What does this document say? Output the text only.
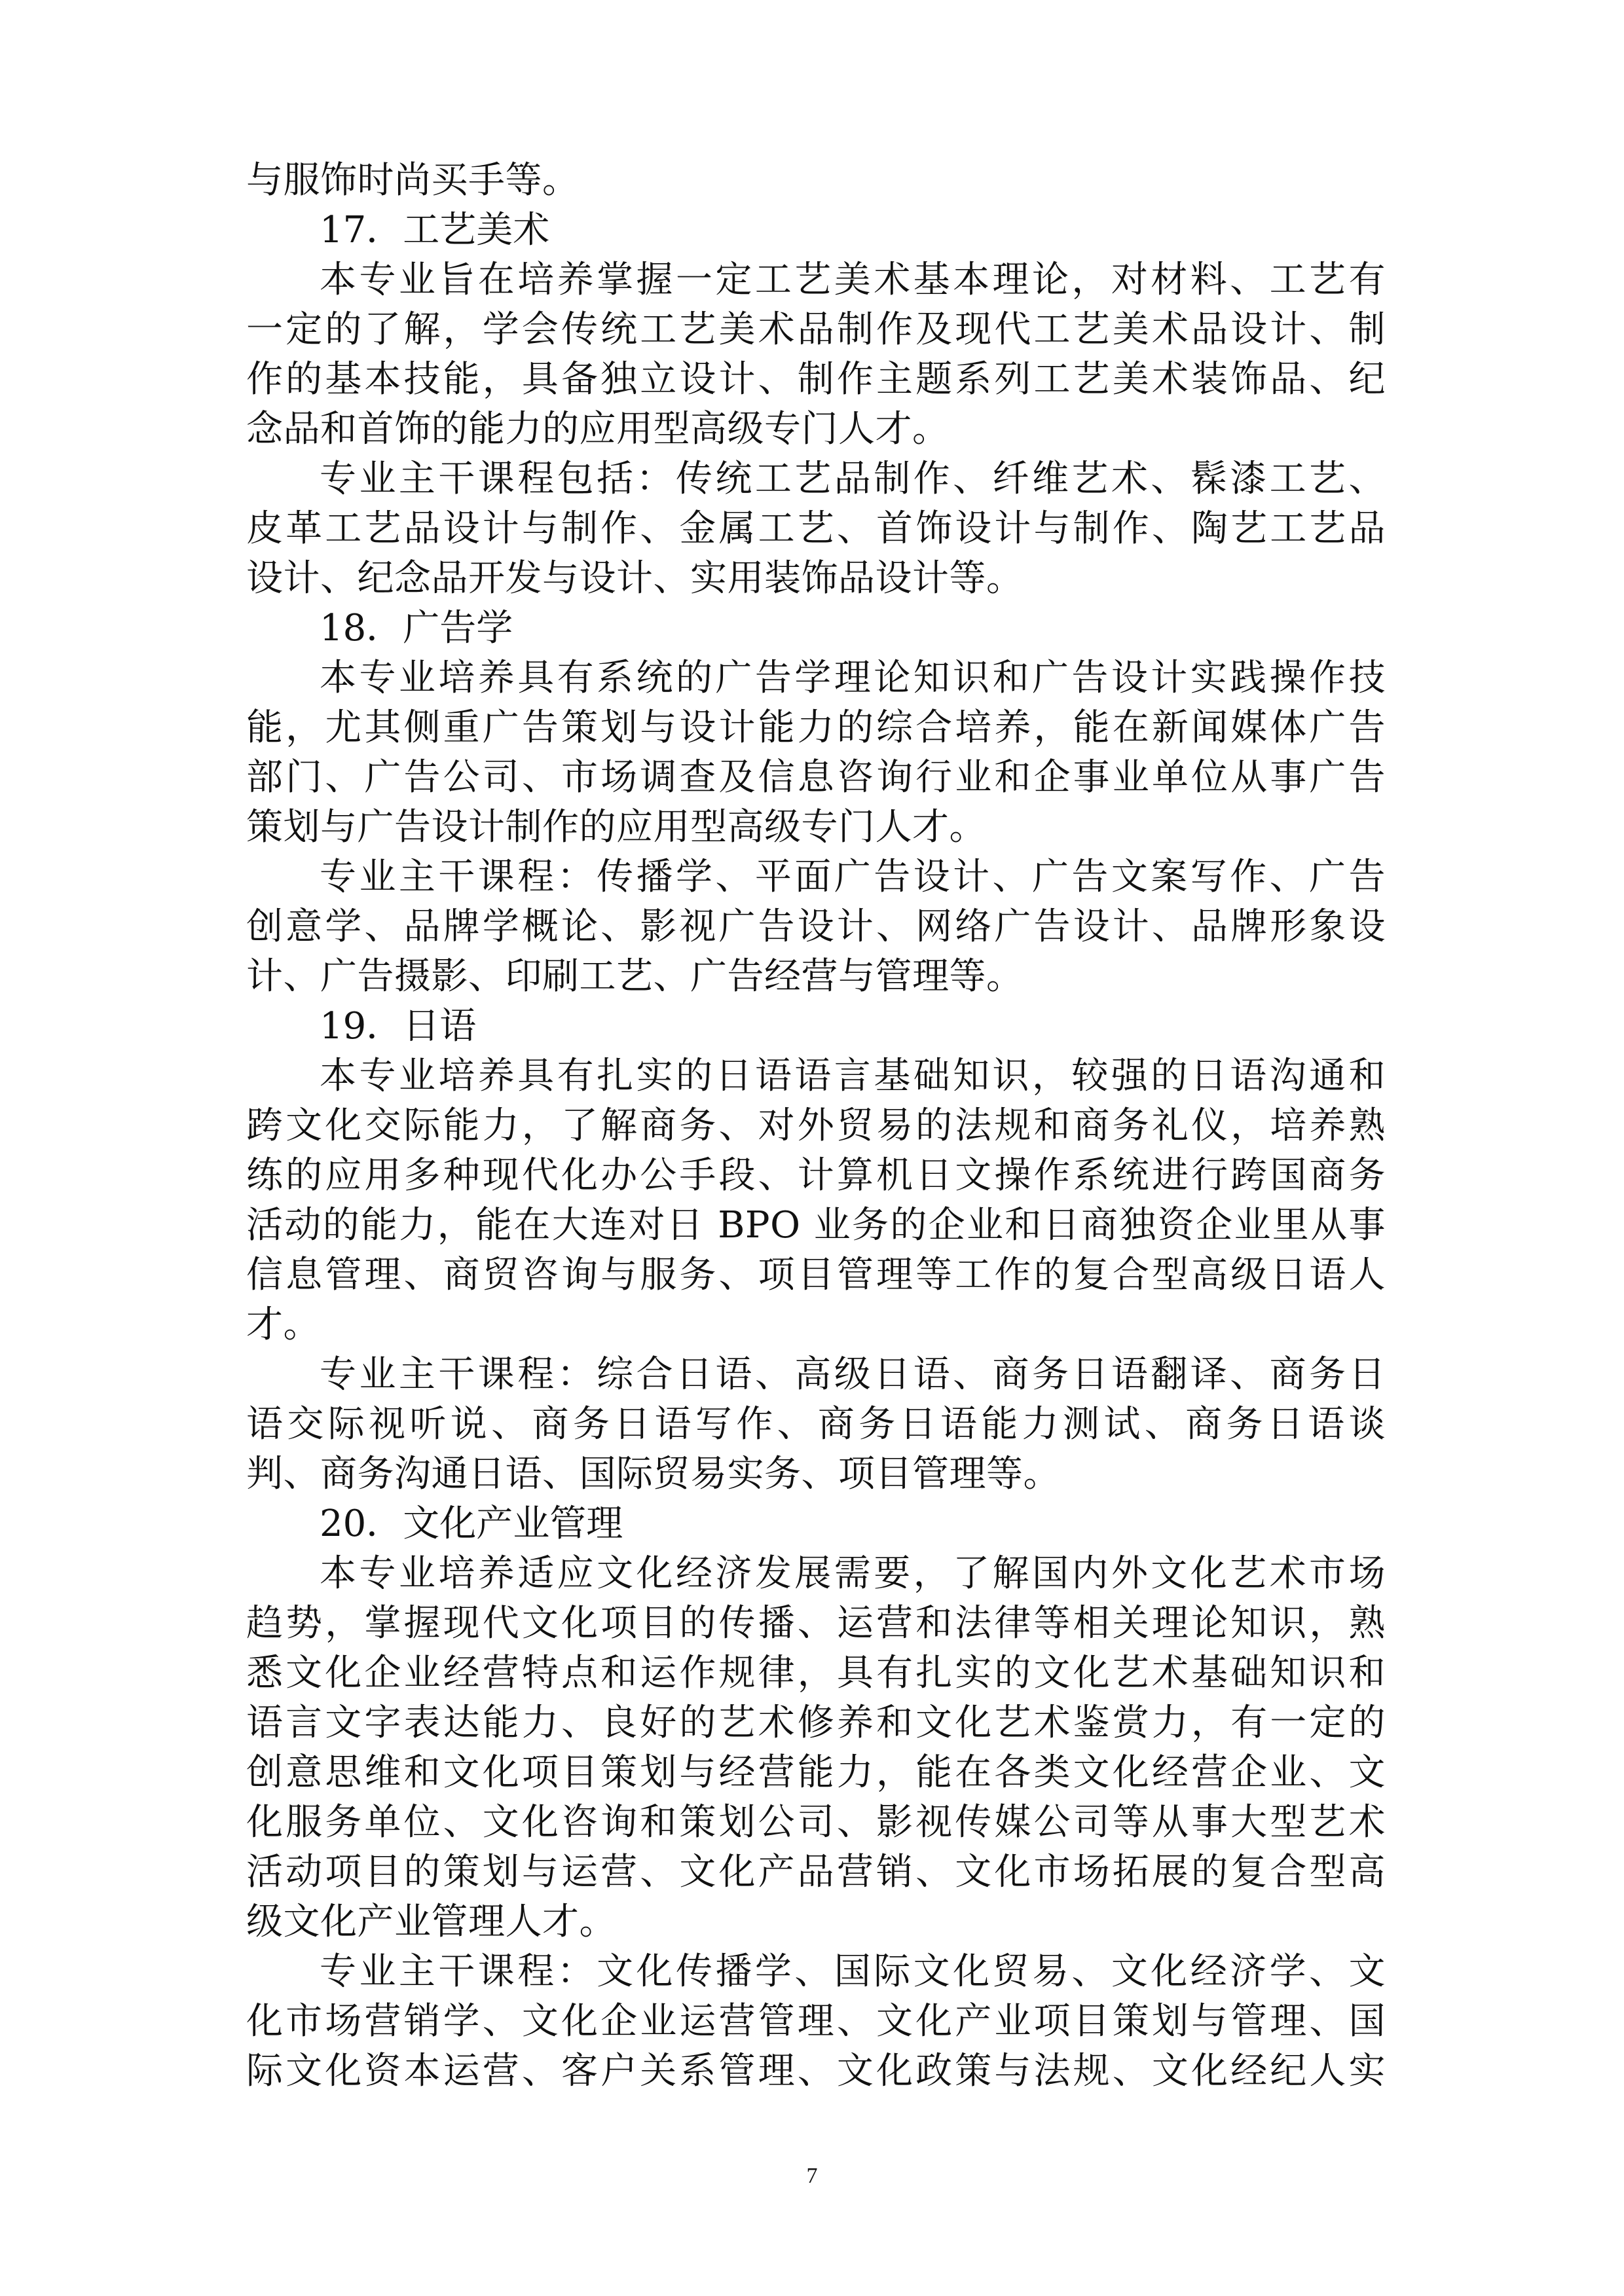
与服饰时尚买手等。
17．工艺美术
本专业旨在培养掌握一定工艺美术基本理论，对材料、工艺有
一定的了解，学会传统工艺美术品制作及现代工艺美术品设计、制
作的基本技能，具备独立设计、制作主题系列工艺美术装饰品、纪
念品和首饰的能力的应用型高级专门人才。
专业主干课程包括：传统工艺品制作、纤维艺术、髹漆工艺、
皮革工艺品设计与制作、金属工艺、首饰设计与制作、陶艺工艺品
设计、纪念品开发与设计、实用装饰品设计等。
18．广告学
本专业培养具有系统的广告学理论知识和广告设计实践操作技
能，尤其侧重广告策划与设计能力的综合培养，能在新闻媒体广告
部门、广告公司、市场调查及信息咨询行业和企事业单位从事广告
策划与广告设计制作的应用型高级专门人才。
专业主干课程：传播学、平面广告设计、广告文案写作、广告
创意学、品牌学概论、影视广告设计、网络广告设计、品牌形象设
计、广告摄影、印刷工艺、广告经营与管理等。
19．日语
本专业培养具有扎实的日语语言基础知识，较强的日语沟通和
跨文化交际能力，了解商务、对外贸易的法规和商务礼仪，培养熟
练的应用多种现代化办公手段、计算机日文操作系统进行跨国商务
活动的能力，能在大连对日 BPO 业务的企业和日商独资企业里从事
信息管理、商贸咨询与服务、项目管理等工作的复合型高级日语人
才。
专业主干课程：综合日语、高级日语、商务日语翻译、商务日
语交际视听说、商务日语写作、商务日语能力测试、商务日语谈
判、商务沟通日语、国际贸易实务、项目管理等。
20．文化产业管理
本专业培养适应文化经济发展需要，了解国内外文化艺术市场
趋势，掌握现代文化项目的传播、运营和法律等相关理论知识，熟
悉文化企业经营特点和运作规律，具有扎实的文化艺术基础知识和
语言文字表达能力、良好的艺术修养和文化艺术鉴赏力，有一定的
创意思维和文化项目策划与经营能力，能在各类文化经营企业、文
化服务单位、文化咨询和策划公司、影视传媒公司等从事大型艺术
活动项目的策划与运营、文化产品营销、文化市场拓展的复合型高
级文化产业管理人才。
专业主干课程：文化传播学、国际文化贸易、文化经济学、文
化市场营销学、文化企业运营管理、文化产业项目策划与管理、国
际文化资本运营、客户关系管理、文化政策与法规、文化经纪人实
7
